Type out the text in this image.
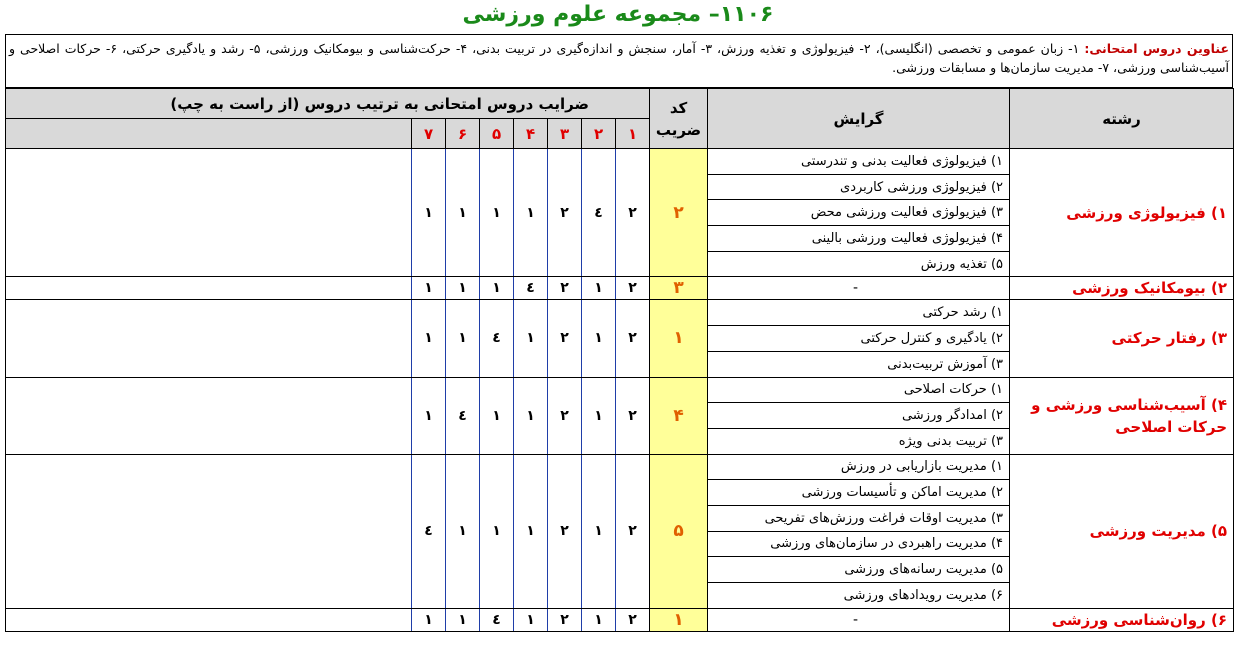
۱۱۰۶– مجموعه علوم ورزشی
عناوین دروس امتحانی: ۱- زبان عمومی و تخصصی (انگلیسی)، ۲- فیزیولوژی و تغذیه ورزش، ۳- آمار، سنجش و اندازه‌گیری در تربیت بدنی، ۴- حرکت‌شناسی و بیومکانیک ورزشی، ۵- رشد و یادگیری حرکتی، ۶- حرکات اصلاحی و آسیب‌شناسی ورزشی، ۷- مدیریت سازمان‌ها و مسابقات ورزشی.
رشته	گرایش	کد ضریب	ضرایب دروس امتحانی به ترتیب دروس (از راست به چپ)							
			۱	۲	۳	۴	۵	۶	۷	
۱) فیزیولوژی ورزشی	۱) فیزیولوژی فعالیت بدنی و تندرستی	۲	۲	٤	۲	۱	۱	۱	۱	
	۲) فیزیولوژی ورزشی کاربردی									
	۳) فیزیولوژی فعالیت ورزشی محض									
	۴) فیزیولوژی فعالیت ورزشی بالینی									
	۵) تغذیه ورزش									
۲) بیومکانیک ورزشی	-	۳	۲	۱	۲	٤	۱	۱	۱	
۳) رفتار حرکتی	۱) رشد حرکتی	۱	۲	۱	۲	۱	٤	۱	۱	
	۲) یادگیری و کنترل حرکتی									
	۳) آموزش تربیت‌بدنی									
۴) آسیب‌شناسی ورزشی و حرکات اصلاحی	۱) حرکات اصلاحی	۴	۲	۱	۲	۱	۱	٤	۱	
	۲) امدادگر ورزشی									
	۳) تربیت بدنی ویژه									
۵) مدیریت ورزشی	۱) مدیریت بازاریابی در ورزش	۵	۲	۱	۲	۱	۱	۱	٤	
	۲) مدیریت اماکن و تأسیسات ورزشی									
	۳) مدیریت اوقات فراغت ورزش‌های تفریحی									
	۴) مدیریت راهبردی در سازمان‌های ورزشی									
	۵) مدیریت رسانه‌های ورزشی									
	۶) مدیریت رویدادهای ورزشی									
۶) روان‌شناسی ورزشی	-	۱	۲	۱	۲	۱	٤	۱	۱	
